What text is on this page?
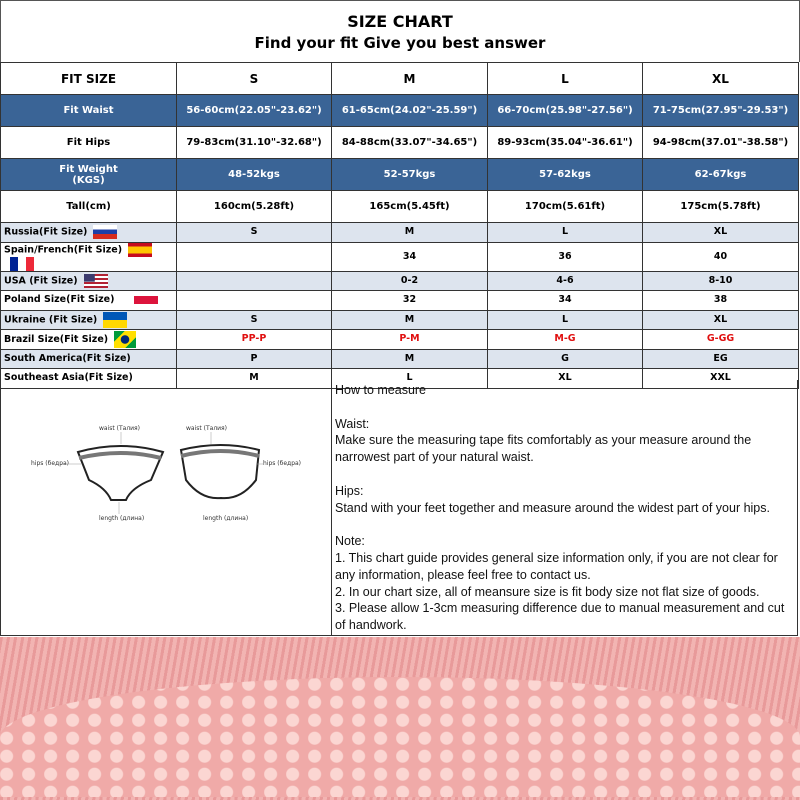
SIZE CHART
Find your fit Give you best answer
FIT SIZE	S	M	L	XL
Fit Waist	56-60cm(22.05"-23.62")	61-65cm(24.02"-25.59")	66-70cm(25.98"-27.56")	71-75cm(27.95"-29.53")
Fit Hips	79-83cm(31.10"-32.68")	84-88cm(33.07"-34.65")	89-93cm(35.04"-36.61")	94-98cm(37.01"-38.58")
Fit Weight
(KGS)	48-52kgs	52-57kgs	57-62kgs	62-67kgs
Tall(cm)	160cm(5.28ft)	165cm(5.45ft)	170cm(5.61ft)	175cm(5.78ft)
Russia(Fit Size)	S	M	L	XL
Spain/French(Fit Size)		34	36	40
USA (Fit Size)		0-2	4-6	8-10
Poland Size(Fit Size)		32	34	38
Ukraine (Fit Size)	S	M	L	XL
Brazil Size(Fit Size)	PP-P	P-M	M-G	G-GG
South America(Fit Size)	P	M	G	EG
Southeast Asia(Fit Size)	M	L	XL	XXL
waist (Талия)	waist (Талия)
hips (бедра)	hips (бедра)
length (длина)	length (длина)
How to measure

Waist:
Make sure the measuring tape fits comfortably as your measure around the narrowest part of your natural waist.

Hips:
Stand with your feet together and measure around the widest part of your hips.

Note:
1. This chart guide provides general size information only, if you are not clear for any information, please feel free to contact us.
2. In our chart size, all of meansure size is fit body size not flat size of goods.
3. Please allow 1-3cm measuring difference due to manual measurement and cut of handwork.
